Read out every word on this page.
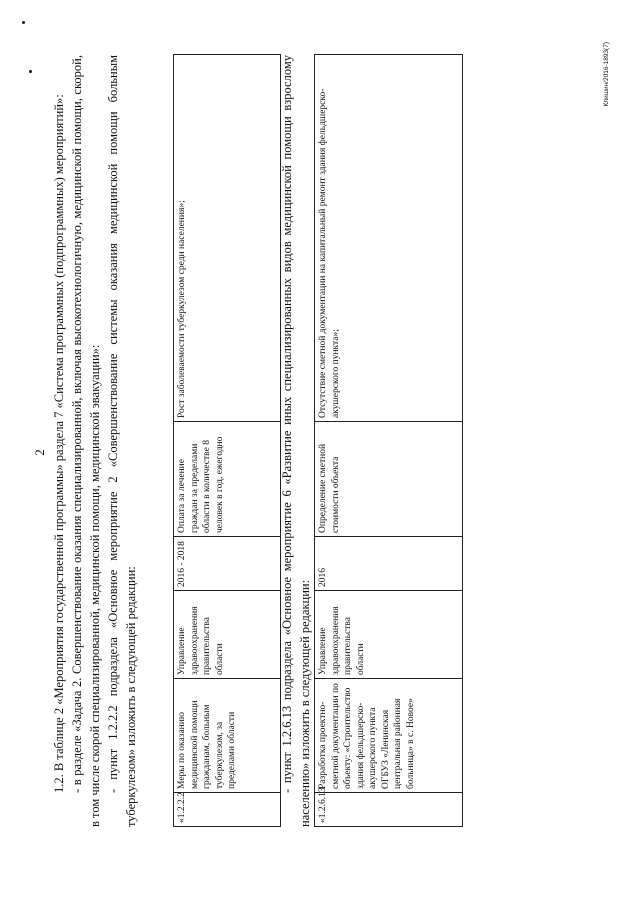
2 1.2. В таблице 2 «Мероприятия государственной программы» раздела 7 «Система программных (подпрограммных) мероприятий»: - в разделе «Задача 2. Совершенствование оказания специализированной, включая высокотехнологичную, медицинской помощи, скорой, в том числе скорой специализированной, медицинской помощи, медицинской эвакуации»: - пункт 1.2.2.2 подраздела «Основное мероприятие 2 «Совершенствование системы оказания медицинской помощи больным туберкулезом» изложить в следующей редакции:	«1.2.2.2	Меры по оказанию медицинской помощи гражданам, больным туберкулезом, за пределами области	Управление здравоохранения правительства области	2016 - 2018	Оплата за лечение граждан за пределами области в количестве 8 человек в год, ежегодно	Рост заболеваемости туберкулезом среди населения»;	- пункт 1.2.6.13 подраздела «Основное мероприятие 6 «Развитие иных специализированных видов медицинской помощи взрослому населению» изложить в следующей редакции: «1.2.6.13	Разработка проектно-сметной документации по объекту: «Строительство здания фельдшерско-акушерского пункта ОГБУЗ «Ленинская центральная районная больница» в с. Новое»	Управление здравоохранения правительства области	2016	Определение сметной стоимости объекта	Отсутствие сметной документации на капитальный ремонт здания фельдшерско-акушерского пункта»;
Клишин/2016-1893(7)
